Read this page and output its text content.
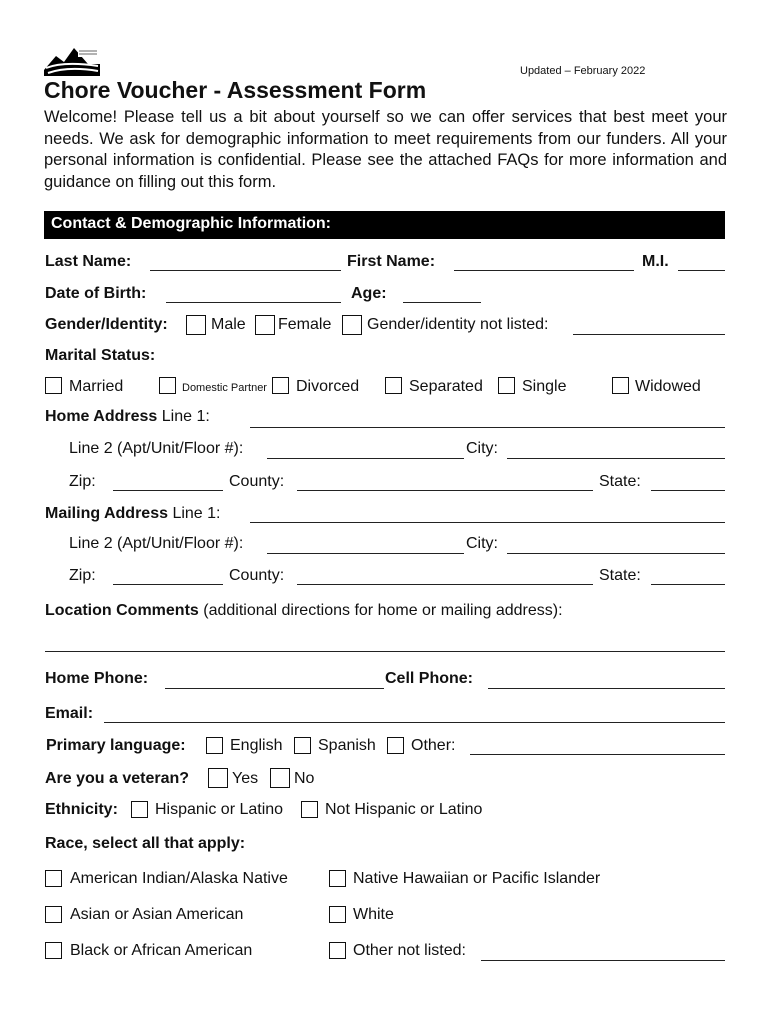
Updated – February 2022
Chore Voucher - Assessment Form
Welcome! Please tell us a bit about yourself so we can offer services that best meet your needs. We ask for demographic information to meet requirements from our funders. All your personal information is confidential. Please see the attached FAQs for more information and guidance on filling out this form.
Contact & Demographic Information:
Last Name:	First Name:	M.I.
Date of Birth:	Age:
Gender/Identity:	Male Female Gender/identity not listed:
Marital Status:
Married	Domestic Partner Divorced	Separated Single	Widowed
Home Address Line 1:
Line 2 (Apt/Unit/Floor #):	City:
Zip:	County:	State:
Mailing Address Line 1:
Line 2 (Apt/Unit/Floor #):	City:
Zip:	County:	State:
Location Comments (additional directions for home or mailing address):
Home Phone:	Cell Phone:
Email:
Primary language:	English Spanish Other:
Are you a veteran?	Yes No
Ethnicity: Hispanic or Latino	Not Hispanic or Latino
Race, select all that apply:
American Indian/Alaska Native	Native Hawaiian or Pacific Islander
Asian or Asian American	White
Black or African American	Other not listed:
